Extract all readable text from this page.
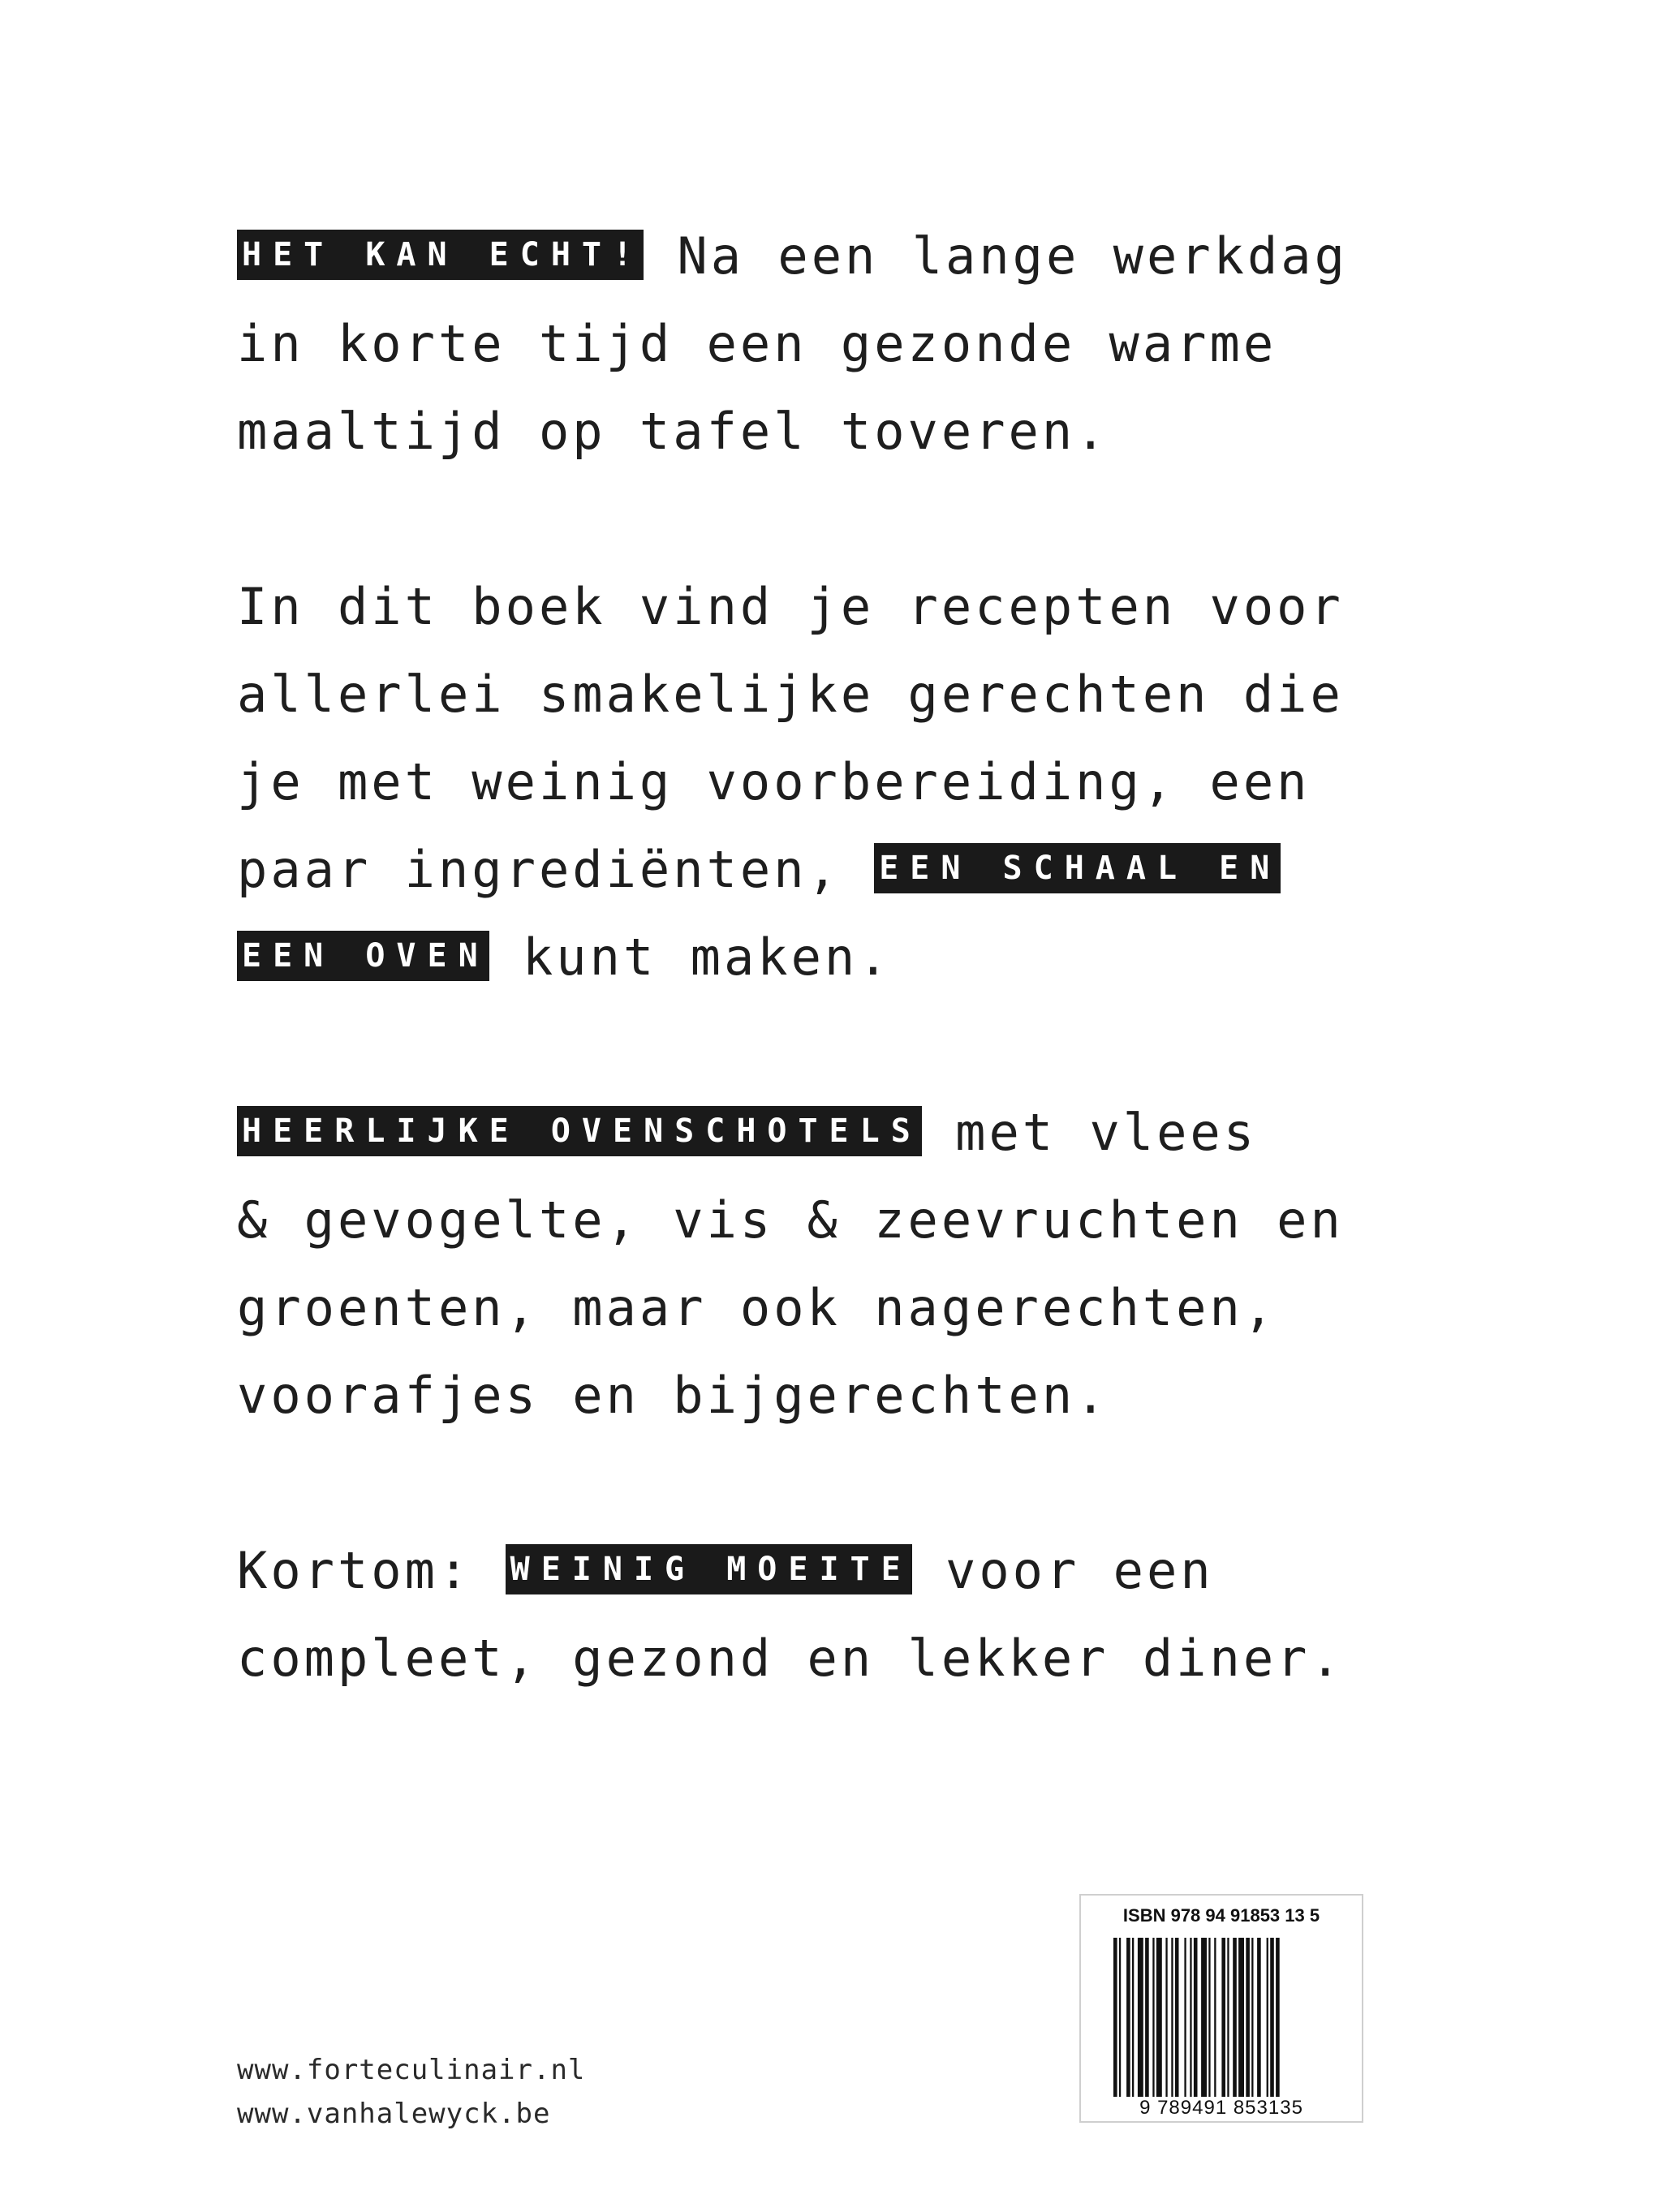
HET KAN ECHT! Na een lange werkdag
in korte tijd een gezonde warme
maaltijd op tafel toveren.
In dit boek vind je recepten voor
allerlei smakelijke gerechten die
je met weinig voorbereiding, een
paar ingrediënten, EEN SCHAAL EN
EEN OVEN kunt maken.
HEERLIJKE OVENSCHOTELS met vlees
& gevogelte, vis & zeevruchten en
groenten, maar ook nagerechten,
voorafjes en bijgerechten.
Kortom: WEINIG MOEITE voor een
compleet, gezond en lekker diner.
www.forteculinair.nl
www.vanhalewyck.be
ISBN 978 94 91853 13 5
9 789491 853135
